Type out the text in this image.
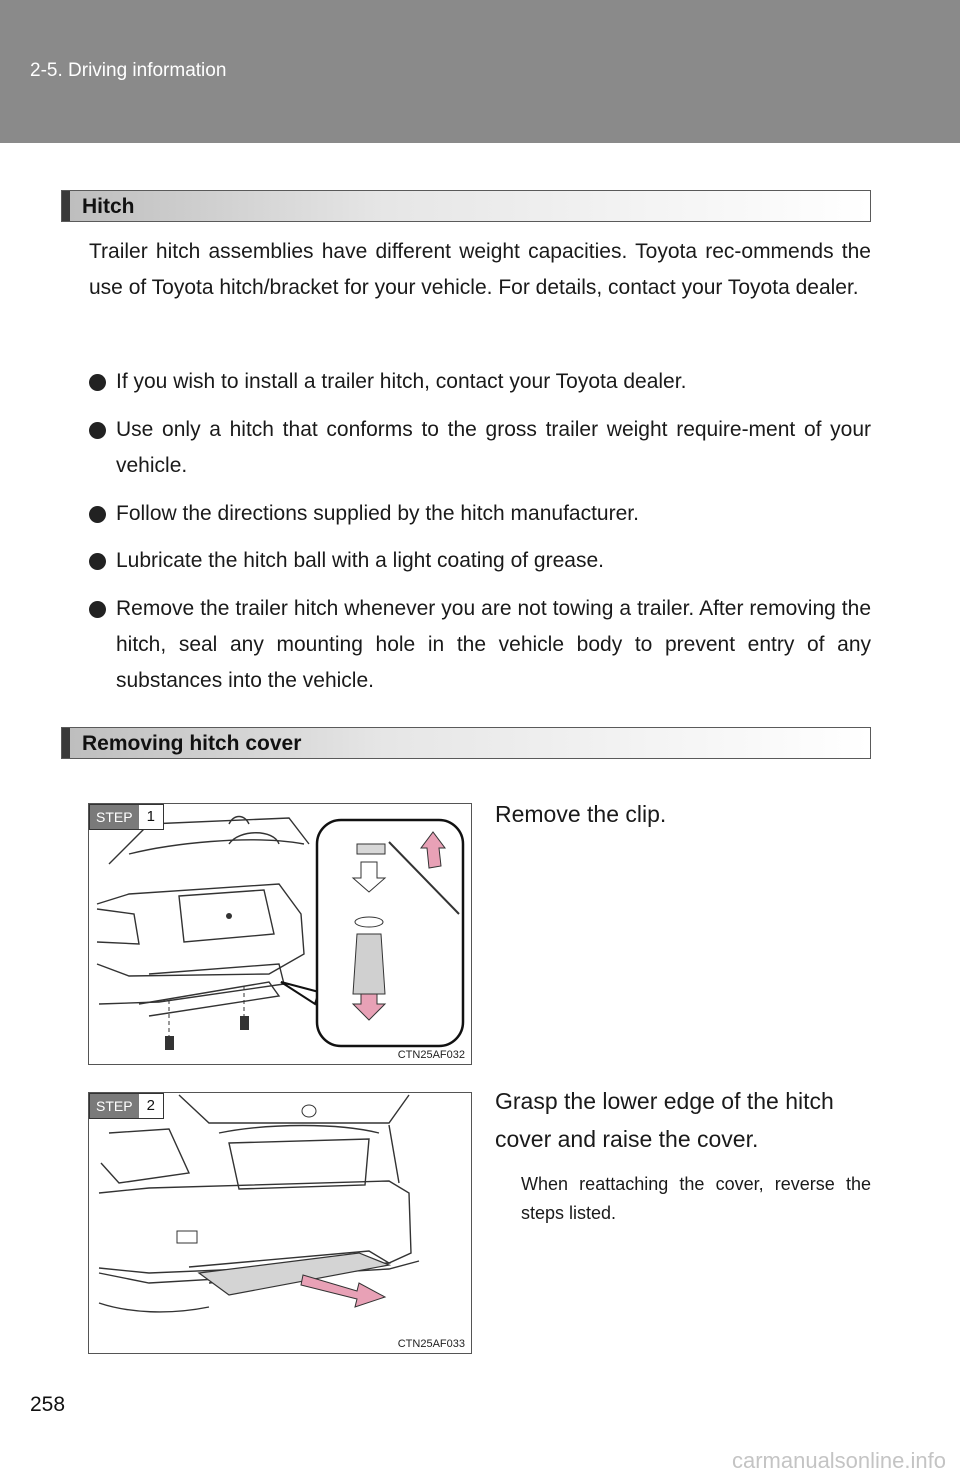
2-5. Driving information
Hitch
Trailer hitch assemblies have different weight capacities. Toyota rec-ommends the use of Toyota hitch/bracket for your vehicle. For details, contact your Toyota dealer.
If you wish to install a trailer hitch, contact your Toyota dealer.
Use only a hitch that conforms to the gross trailer weight require-ment of your vehicle.
Follow the directions supplied by the hitch manufacturer.
Lubricate the hitch ball with a light coating of grease.
Remove the trailer hitch whenever you are not towing a trailer. After removing the hitch, seal any mounting hole in the vehicle body to prevent entry of any substances into the vehicle.
Removing hitch cover
STEP 1
CTN25AF032
Remove the clip.
STEP 2
CTN25AF033
Grasp the lower edge of the hitch cover and raise the cover.
When reattaching the cover, reverse the steps listed.
258
carmanualsonline.info
